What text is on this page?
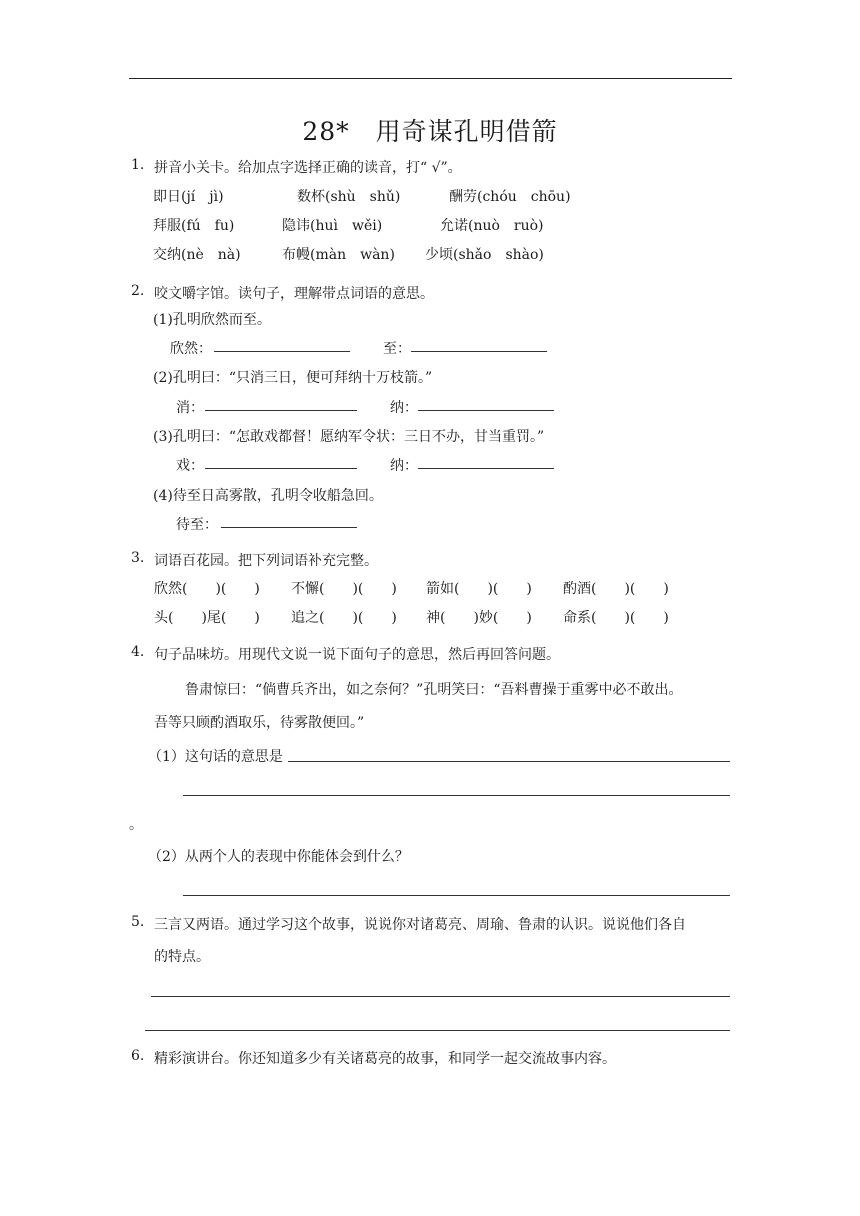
28*　用奇谋孔明借箭
1. 拼音小关卡。给加点字选择正确的读音，打“ √”。
即日(jí　jì)	数杯(shù　shǔ)	酬劳(chóu　chōu)
拜服(fú　fu)	隐讳(huì　wěi)	允诺(nuò　ruò)
交纳(nè　nà)	布幔(màn　wàn) 少顷(shǎo　shào)
2. 咬文嚼字馆。读句子，理解带点词语的意思。
(1)孔明欣然而至。
欣然：	至：
(2)孔明曰：“只消三日，便可拜纳十万枝箭。”
消：	纳：
(3)孔明曰：“怎敢戏都督！愿纳军令状：三日不办，甘当重罚。”
戏：	纳：
(4)待至日高雾散，孔明令收船急回。
待至：
3. 词语百花园。把下列词语补充完整。
欣然(　　)(　　) 不懈(　　)(　　) 箭如(　　)(　　) 酌酒(　　)(　　)
头(　　)尾(　　) 追之(　　)(　　) 神(　　)妙(　　) 命系(　　)(　　)
4. 句子品味坊。用现代文说一说下面句子的意思，然后再回答问题。
鲁肃惊曰：“倘曹兵齐出，如之奈何？”孔明笑曰：“吾料曹操于重雾中必不敢出。
吾等只顾酌酒取乐，待雾散便回。”
（1）这句话的意思是
。
（2）从两个人的表现中你能体会到什么？
5. 三言又两语。通过学习这个故事，说说你对诸葛亮、周瑜、鲁肃的认识。说说他们各自
的特点。
6. 精彩演讲台。你还知道多少有关诸葛亮的故事，和同学一起交流故事内容。
